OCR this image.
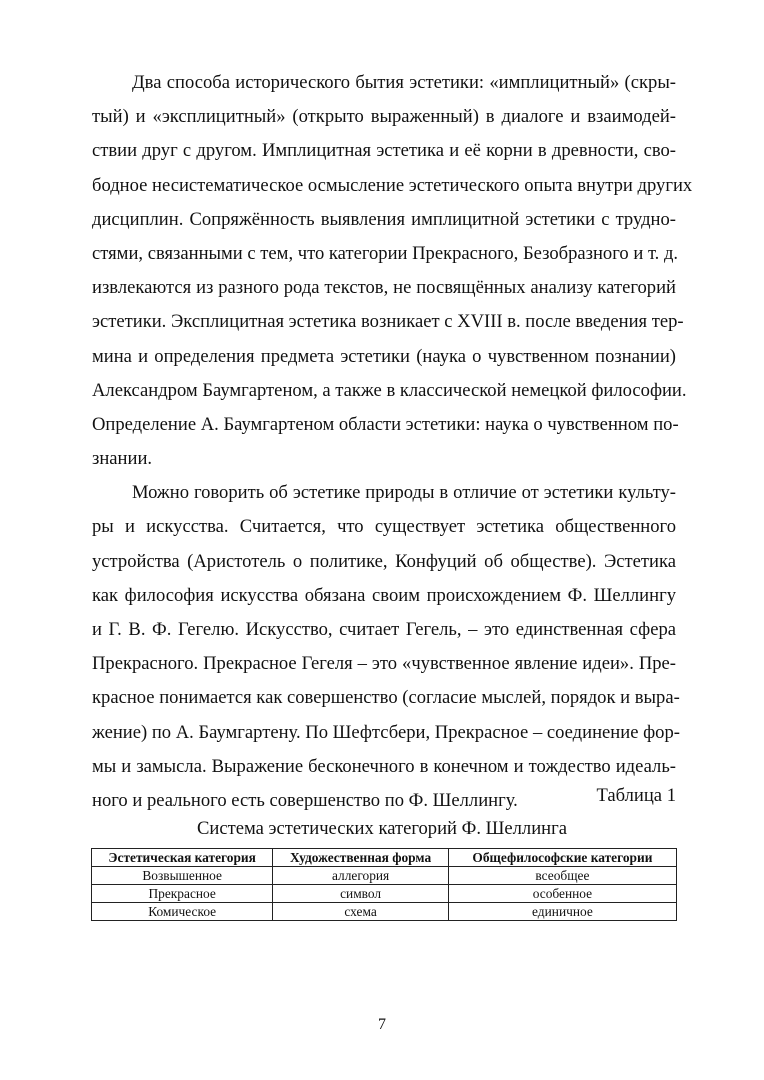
Два способа исторического бытия эстетики: «имплицитный» (скры-
тый) и «эксплицитный» (открыто выраженный) в диалоге и взаимодей-
ствии друг с другом. Имплицитная эстетика и её корни в древности, сво-
бодное несистематическое осмысление эстетического опыта внутри других
дисциплин. Сопряжённость выявления имплицитной эстетики с трудно-
стями, связанными с тем, что категории Прекрасного, Безобразного и т. д.
извлекаются из разного рода текстов, не посвящённых анализу категорий
эстетики. Эксплицитная эстетика возникает с XVIII в. после введения тер-
мина и определения предмета эстетики (наука о чувственном познании)
Александром Баумгартеном, а также в классической немецкой философии.
Определение А. Баумгартеном области эстетики: наука о чувственном по-
знании.

Можно говорить об эстетике природы в отличие от эстетики культу-
ры и искусства. Считается, что существует эстетика общественного
устройства (Аристотель о политике, Конфуций об обществе). Эстетика
как философия искусства обязана своим происхождением Ф. Шеллингу
и Г. В. Ф. Гегелю. Искусство, считает Гегель, – это единственная сфера
Прекрасного. Прекрасное Гегеля – это «чувственное явление идеи». Пре-
красное понимается как совершенство (согласие мыслей, порядок и выра-
жение) по А. Баумгартену. По Шефтсбери, Прекрасное – соединение фор-
мы и замысла. Выражение бесконечного в конечном и тождество идеаль-
ного и реального есть совершенство по Ф. Шеллингу.	Таблица 1
Система эстетических категорий Ф. Шеллинга
Эстетическая категория	Художественная форма	Общефилософские категории
Возвышенное	аллегория	всеобщее
Прекрасное	символ	особенное
Комическое	схема	единичное
7
